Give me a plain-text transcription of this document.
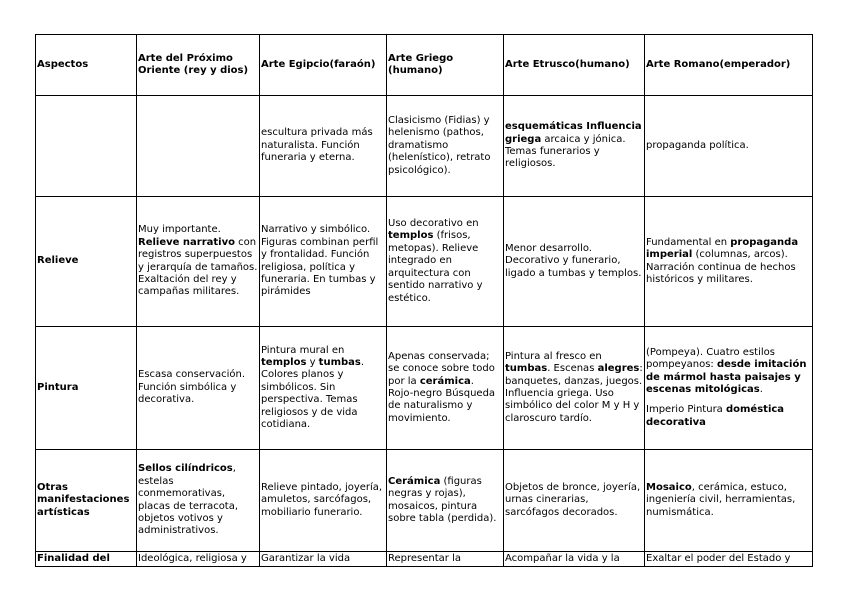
Aspectos	Arte del Próximo Oriente (rey y dios)	Arte Egipcio(faraón)	Arte Griego (humano)	Arte Etrusco(humano)	Arte Romano(emperador)
		escultura privada más naturalista. Función funeraria y eterna.	Clasicismo (Fidias) y helenismo (pathos, dramatismo (helenístico), retrato psicológico).	esquemáticas Influencia griega arcaica y jónica. Temas funerarios y religiosos.	propaganda política.
Relieve	Muy importante. Relieve narrativo con registros superpuestos y jerarquía de tamaños. Exaltación del rey y campañas militares.	Narrativo y simbólico. Figuras combinan perfil y frontalidad. Función religiosa, política y funeraria. En tumbas y pirámides	Uso decorativo en templos (frisos, metopas). Relieve integrado en arquitectura con sentido narrativo y estético.	Menor desarrollo. Decorativo y funerario, ligado a tumbas y templos.	Fundamental en propaganda imperial (columnas, arcos). Narración continua de hechos históricos y militares.
Pintura	Escasa conservación. Función simbólica y decorativa.	Pintura mural en templos y tumbas. Colores planos y simbólicos. Sin perspectiva. Temas religiosos y de vida cotidiana.	Apenas conservada; se conoce sobre todo por la cerámica. Rojo-negro Búsqueda de naturalismo y movimiento.	Pintura al fresco en tumbas. Escenas alegres: banquetes, danzas, juegos. Influencia griega. Uso simbólico del color M y H y claroscuro tardío.	(Pompeya). Cuatro estilos pompeyanos: desde imitación de mármol hasta paisajes y escenas mitológicas.
Imperio Pintura doméstica decorativa

Otras manifestaciones artísticas	Sellos cilíndricos, estelas conmemorativas, placas de terracota, objetos votivos y administrativos.	Relieve pintado, joyería, amuletos, sarcófagos, mobiliario funerario.	Cerámica (figuras negras y rojas), mosaicos, pintura sobre tabla (perdida).	Objetos de bronce, joyería, urnas cinerarias, sarcófagos decorados.	Mosaico, cerámica, estuco, ingeniería civil, herramientas, numismática.
Finalidad del	Ideológica, religiosa y	Garantizar la vida	Representar la	Acompañar la vida y la	Exaltar el poder del Estado y
